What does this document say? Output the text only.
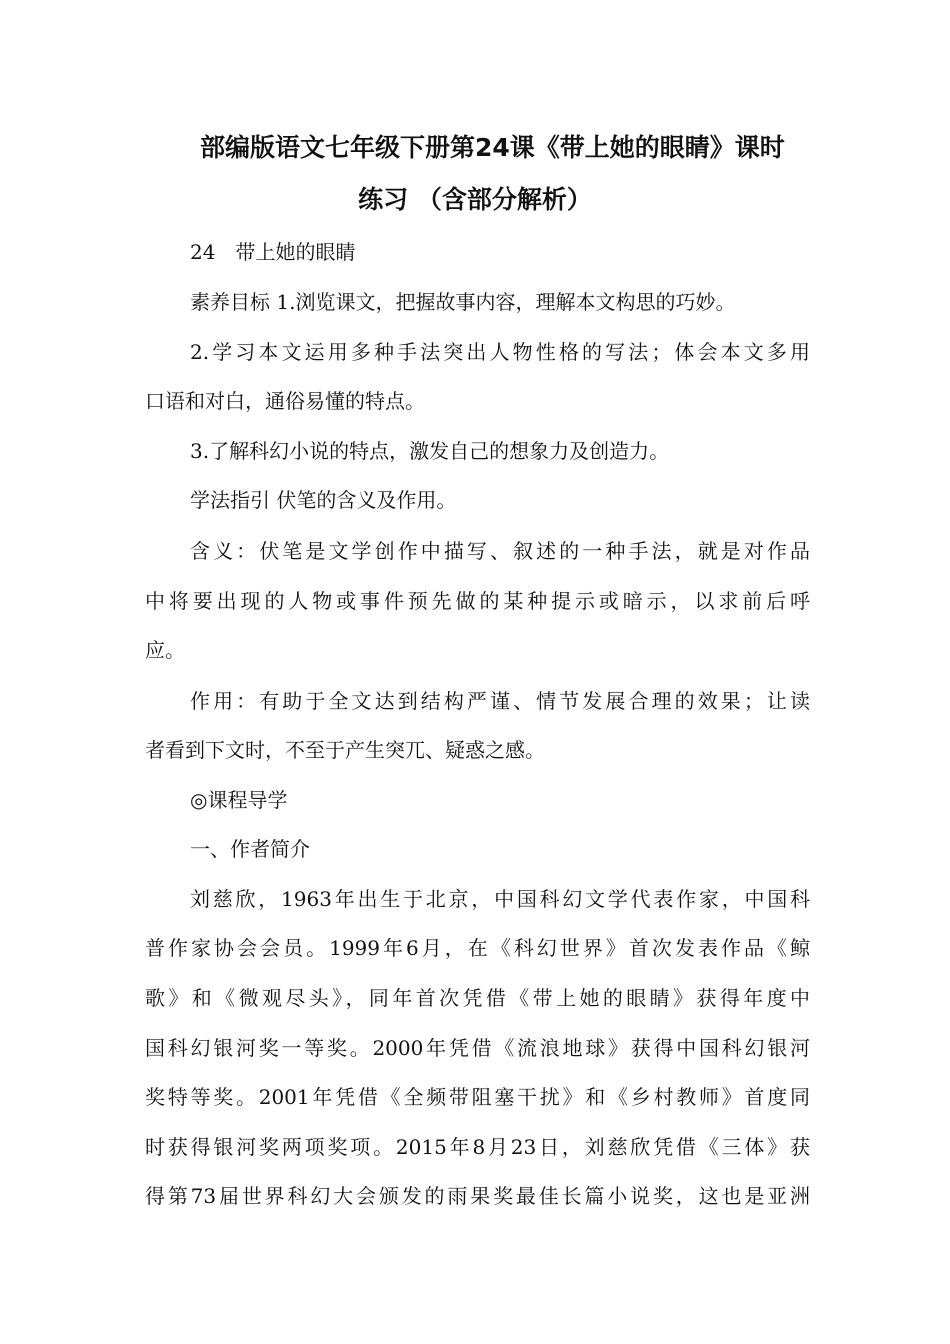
部编版语文七年级下册第24课《带上她的眼睛》课时
练习 （含部分解析）
24　带上她的眼睛
素养目标 1.浏览课文，把握故事内容，理解本文构思的巧妙。
2.学习本文运用多种手法突出人物性格的写法；体会本文多用
口语和对白，通俗易懂的特点。
3.了解科幻小说的特点，激发自己的想象力及创造力。
学法指引 伏笔的含义及作用。
含义：伏笔是文学创作中描写、叙述的一种手法，就是对作品
中将要出现的人物或事件预先做的某种提示或暗示，以求前后呼
应。
作用：有助于全文达到结构严谨、情节发展合理的效果；让读
者看到下文时，不至于产生突兀、疑惑之感。
◎课程导学
一、作者简介
刘慈欣，1963年出生于北京，中国科幻文学代表作家，中国科
普作家协会会员。1999年6月，在《科幻世界》首次发表作品《鲸
歌》和《微观尽头》，同年首次凭借《带上她的眼睛》获得年度中
国科幻银河奖一等奖。2000年凭借《流浪地球》获得中国科幻银河
奖特等奖。2001年凭借《全频带阻塞干扰》和《乡村教师》首度同
时获得银河奖两项奖项。2015年8月23日，刘慈欣凭借《三体》获
得第73届世界科幻大会颁发的雨果奖最佳长篇小说奖，这也是亚洲
